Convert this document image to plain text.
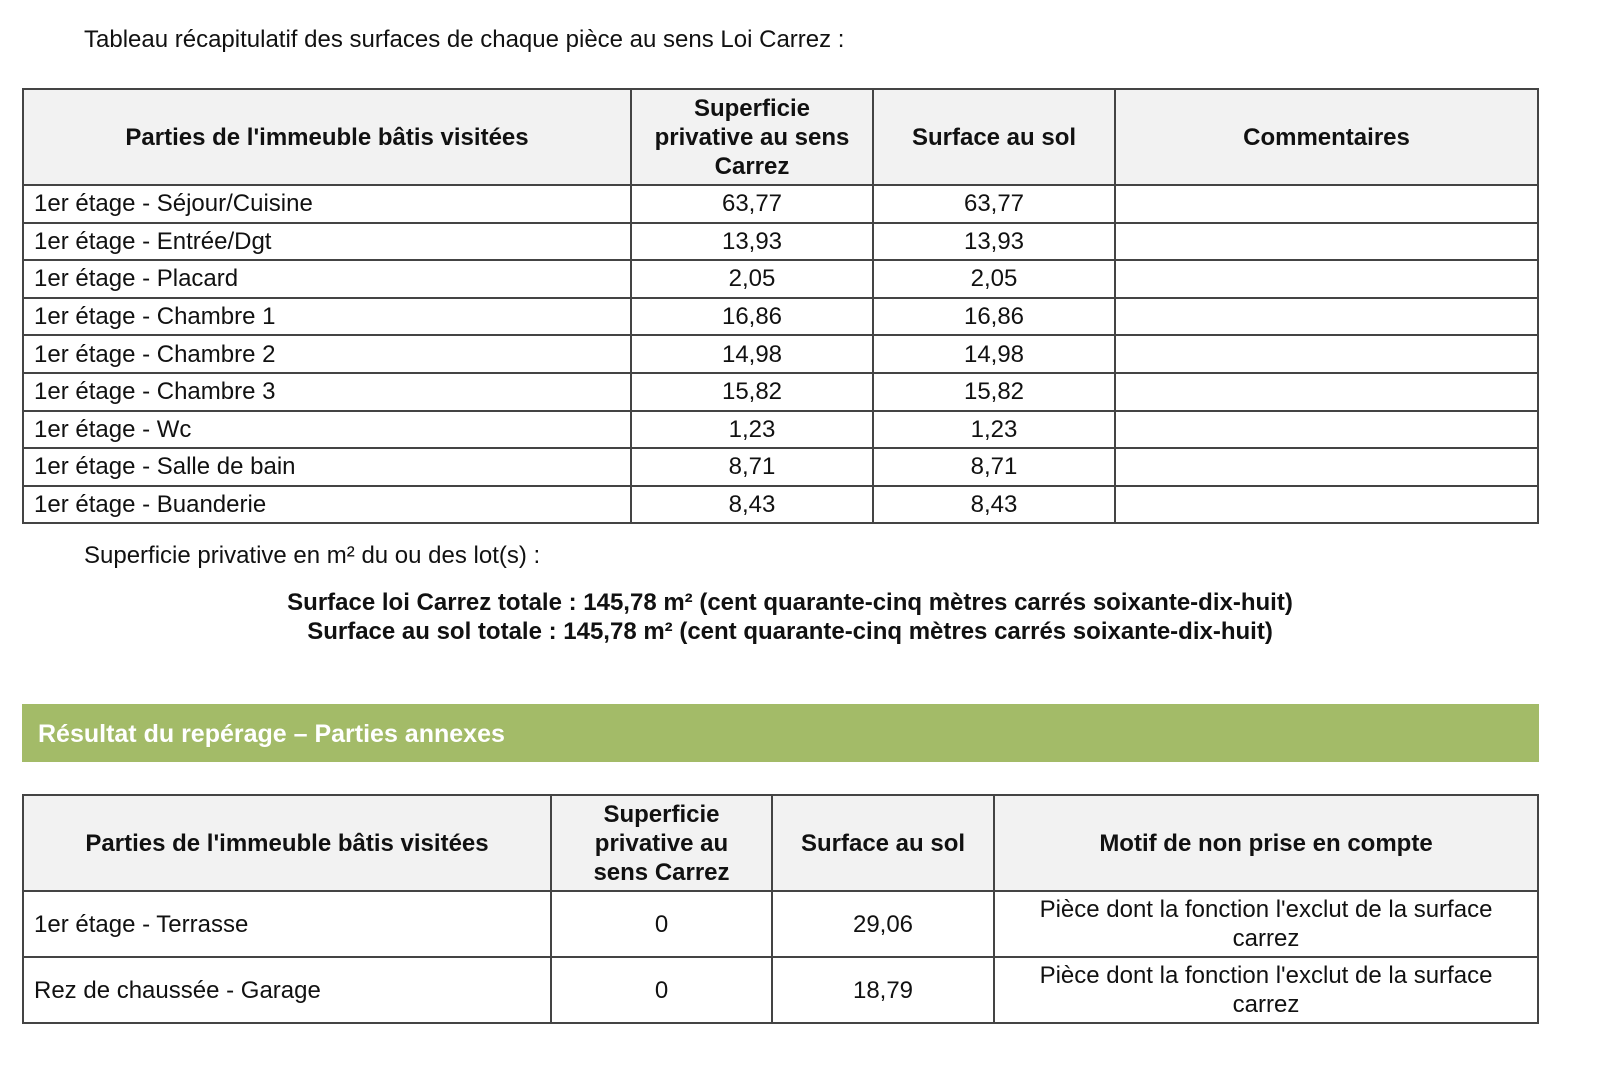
Tableau récapitulatif des surfaces de chaque pièce au sens Loi Carrez :
Parties de l'immeuble bâtis visitées	Superficie privative au sens Carrez	Surface au sol	Commentaires
1er étage - Séjour/Cuisine	63,77	63,77	
1er étage - Entrée/Dgt	13,93	13,93	
1er étage - Placard	2,05	2,05	
1er étage - Chambre 1	16,86	16,86	
1er étage - Chambre 2	14,98	14,98	
1er étage - Chambre 3	15,82	15,82	
1er étage - Wc	1,23	1,23	
1er étage - Salle de bain	8,71	8,71	
1er étage - Buanderie	8,43	8,43	
Superficie privative en m² du ou des lot(s) :
Surface loi Carrez totale : 145,78 m² (cent quarante-cinq mètres carrés soixante-dix-huit)
Surface au sol totale : 145,78 m² (cent quarante-cinq mètres carrés soixante-dix-huit)
Résultat du repérage – Parties annexes
Parties de l'immeuble bâtis visitées	Superficie privative au sens Carrez	Surface au sol	Motif de non prise en compte
1er étage - Terrasse	0	29,06	Pièce dont la fonction l'exclut de la surface carrez
Rez de chaussée - Garage	0	18,79	Pièce dont la fonction l'exclut de la surface carrez
